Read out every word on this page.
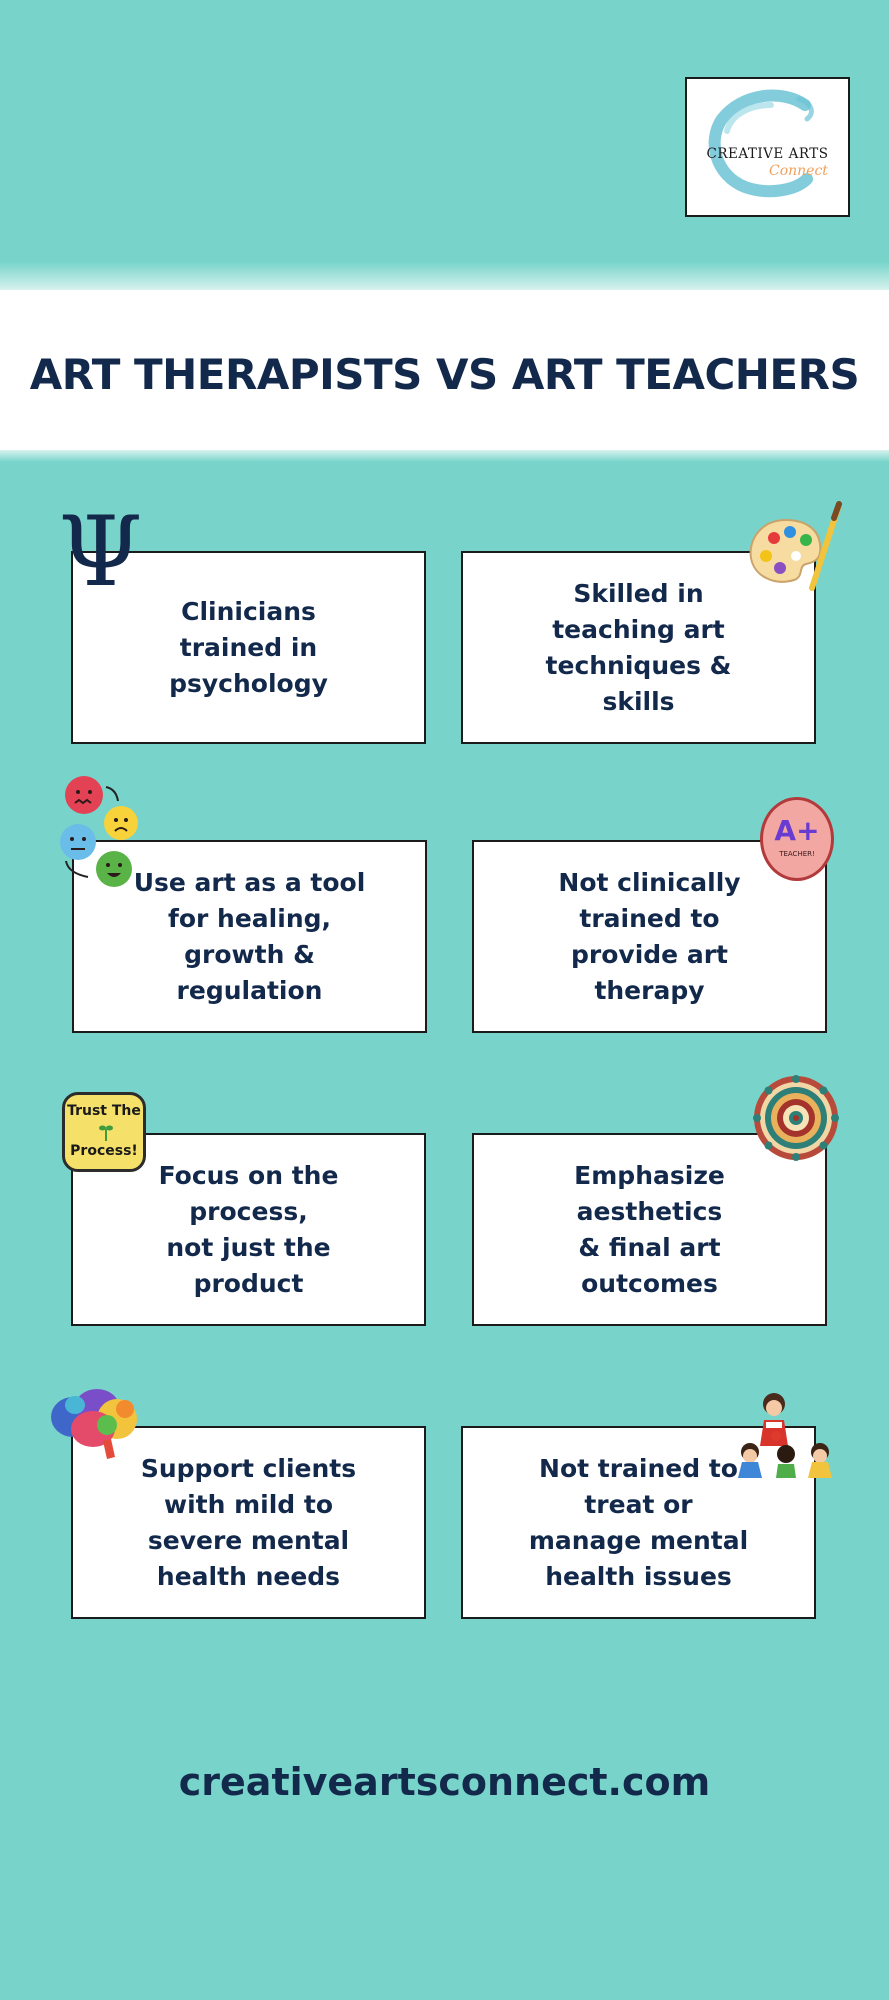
CREATIVE ARTS
Connect
ART THERAPISTS VS ART TEACHERS
Clinicians
trained in
psychology
Skilled in
teaching art
techniques &
skills
Use art as a tool
for healing,
growth &
regulation
Not clinically
trained to
provide art
therapy
Focus on the
process,
not just the
product
Emphasize
aesthetics
& final art
outcomes
Support clients
with mild to
severe mental
health needs
Not trained to
treat or
manage mental
health issues
Ψ
A+
TEACHER!
Trust The
Process!
creativeartsconnect.com
